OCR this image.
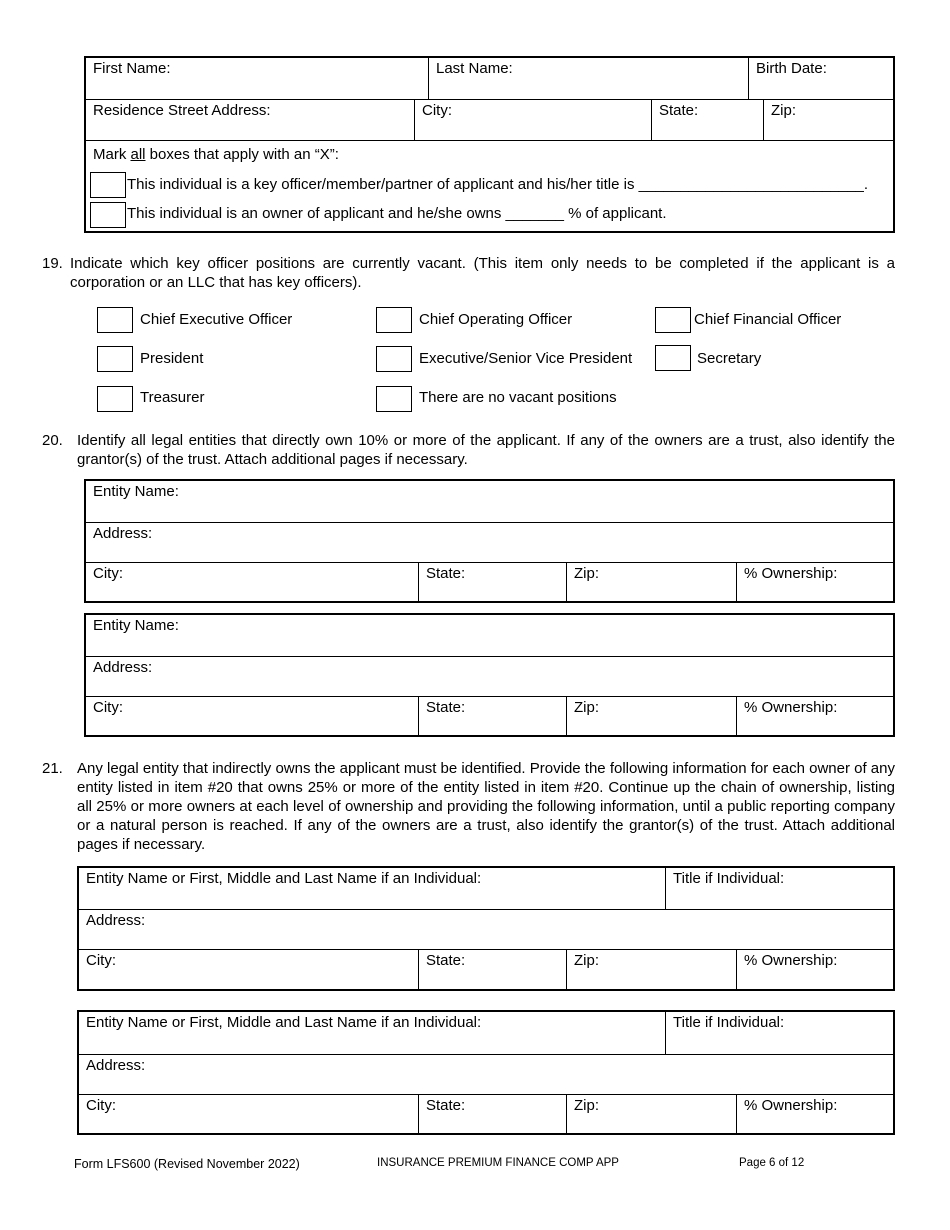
First Name:	Last Name:	Birth Date:
Residence Street Address:	City:	State:	Zip:
Mark all boxes that apply with an “X”:
This individual is a key officer/member/partner of applicant and his/her title is ___________________________.
This individual is an owner of applicant and he/she owns _______ % of applicant.
19. Indicate which key officer positions are currently vacant. (This item only needs to be completed if the applicant is a corporation or an LLC that has key officers).
Chief Executive Officer	Chief Operating Officer	Chief Financial Officer
President	Executive/Senior Vice President	Secretary
Treasurer	There are no vacant positions
20. Identify all legal entities that directly own 10% or more of the applicant. If any of the owners are a trust, also identify the grantor(s) of the trust. Attach additional pages if necessary.
Entity Name:
Address:
City:	State:	Zip:	% Ownership:
Entity Name:
Address:
City:	State:	Zip:	% Ownership:
21. Any legal entity that indirectly owns the applicant must be identified. Provide the following information for each owner of any entity listed in item #20 that owns 25% or more of the entity listed in item #20. Continue up the chain of ownership, listing all 25% or more owners at each level of ownership and providing the following information, until a public reporting company or a natural person is reached. If any of the owners are a trust, also identify the grantor(s) of the trust. Attach additional pages if necessary.
Entity Name or First, Middle and Last Name if an Individual:	Title if Individual:
Address:
City:	State:	Zip:	% Ownership:
Entity Name or First, Middle and Last Name if an Individual:	Title if Individual:
Address:
City:	State:	Zip:	% Ownership:
Form LFS600 (Revised November 2022)	INSURANCE PREMIUM FINANCE COMP APP	Page 6 of 12
